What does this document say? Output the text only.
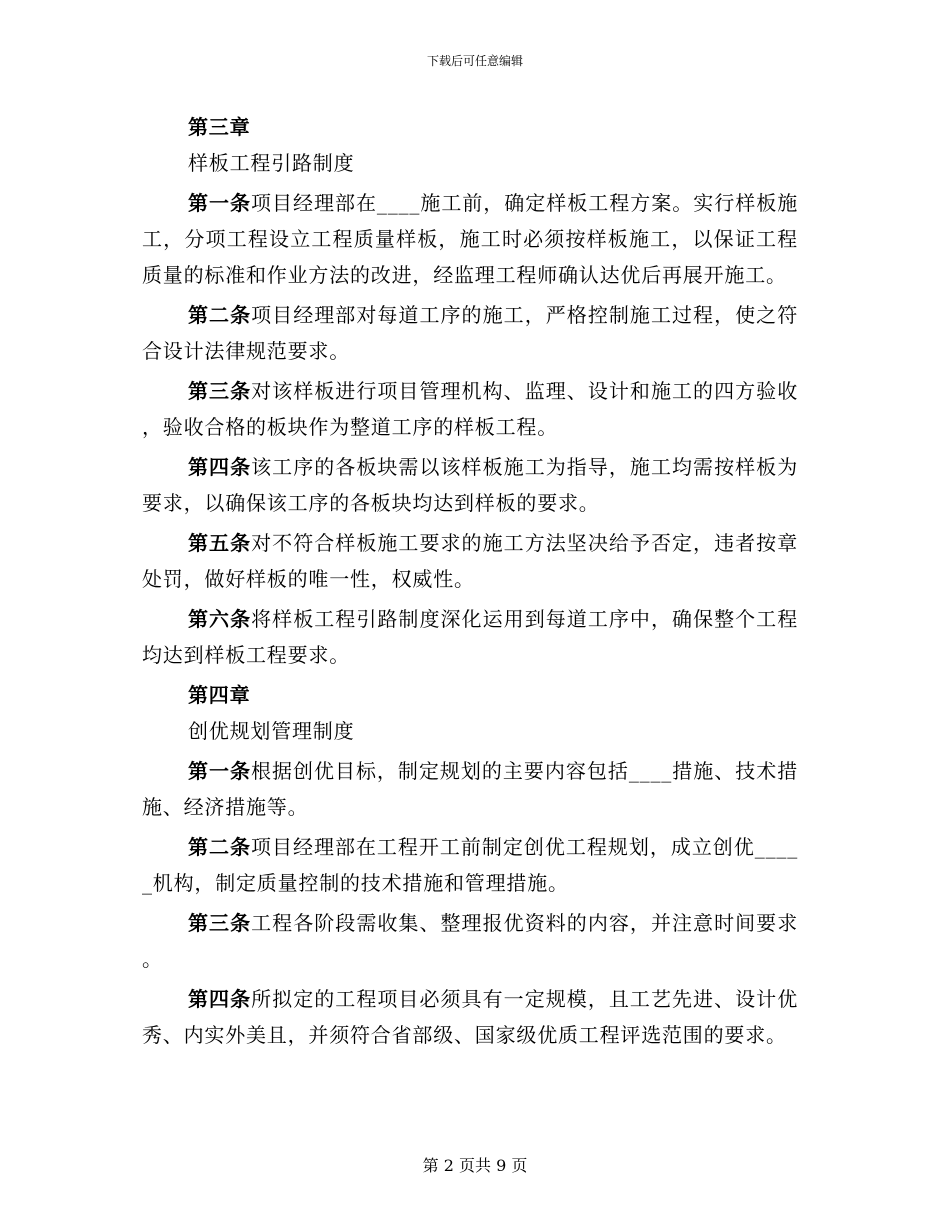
下载后可任意编辑

第三章

样板工程引路制度

第一条项目经理部在____施工前，确定样板工程方案。实行样板施工，分项工程设立工程质量样板，施工时必须按样板施工，以保证工程质量的标准和作业方法的改进，经监理工程师确认达优后再展开施工。

第二条项目经理部对每道工序的施工，严格控制施工过程，使之符合设计法律规范要求。

第三条对该样板进行项目管理机构、监理、设计和施工的四方验收，验收合格的板块作为整道工序的样板工程。

第四条该工序的各板块需以该样板施工为指导，施工均需按样板为要求，以确保该工序的各板块均达到样板的要求。

第五条对不符合样板施工要求的施工方法坚决给予否定，违者按章处罚，做好样板的唯一性，权威性。

第六条将样板工程引路制度深化运用到每道工序中，确保整个工程均达到样板工程要求。

第四章

创优规划管理制度

第一条根据创优目标，制定规划的主要内容包括____措施、技术措施、经济措施等。

第二条项目经理部在工程开工前制定创优工程规划，成立创优_____机构，制定质量控制的技术措施和管理措施。

第三条工程各阶段需收集、整理报优资料的内容，并注意时间要求。

第四条所拟定的工程项目必须具有一定规模，且工艺先进、设计优秀、内实外美且，并须符合省部级、国家级优质工程评选范围的要求。

第 2 页共 9 页
